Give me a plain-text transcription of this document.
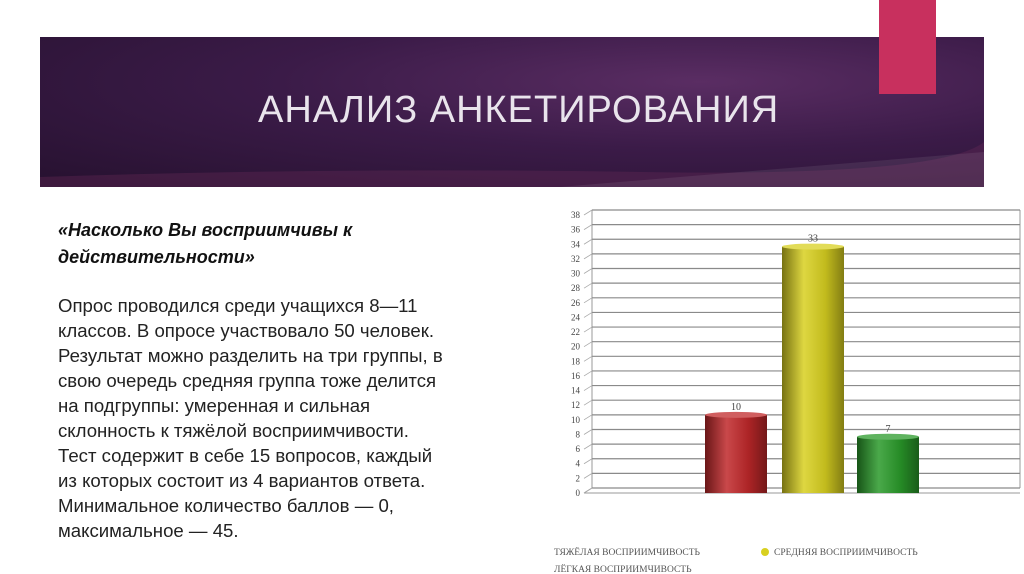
АНАЛИЗ АНКЕТИРОВАНИЯ
«Насколько Вы восприимчивы к
действительности»

Опрос проводился среди учащихся 8—11

классов. В опросе участвовало 50 человек.

Результат можно разделить на три группы, в

свою очередь средняя группа тоже делится

на подгруппы: умеренная и сильная

склонность к тяжёлой восприимчивости.

Тест содержит в себе 15 вопросов, каждый

из которых состоит из 4 вариантов ответа.

Минимальное количество баллов — 0,

максимальное — 45.

0
2
4
6
8
10
12
14
16
18
20
22
24
26
28
30
32
34
36
38
10
33
7
ТЯЖЁЛАЯ ВОСПРИИМЧИВОСТЬ	СРЕДНЯЯ ВОСПРИИМЧИВОСТЬ
ЛЁГКАЯ ВОСПРИИМЧИВОСТЬ
